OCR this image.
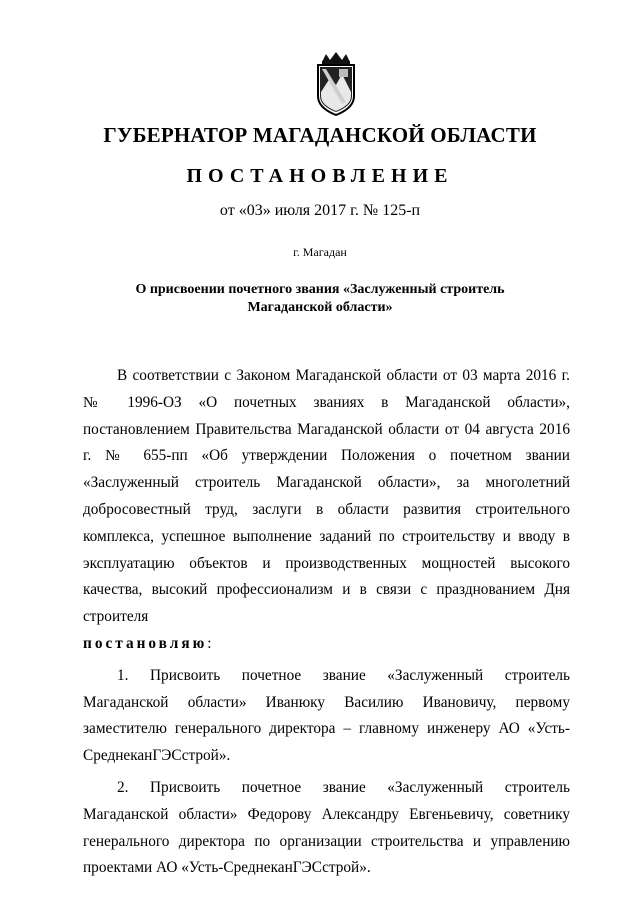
ГУБЕРНАТОР МАГАДАНСКОЙ ОБЛАСТИ
ПОСТАНОВЛЕНИЕ
от «03» июля 2017 г. № 125-п
г. Магадан
О присвоении почетного звания «Заслуженный строитель
Магаданской области»

В соответствии с Законом Магаданской области от 03 марта 2016 г. № 1996-ОЗ «О почетных званиях в Магаданской области», постановлением Правительства Магаданской области от 04 августа 2016 г. № 655-пп «Об утверждении Положения о почетном звании «Заслуженный строитель Магаданской области», за многолетний добросовестный труд, заслуги в области развития строительного комплекса, успешное выполнение заданий по строительству и вводу в эксплуатацию объектов и производственных мощностей высокого качества, высокий профессионализм и в связи с празднованием Дня строителя

постановляю:

1. Присвоить почетное звание «Заслуженный строитель Магаданской области» Иванюку Василию Ивановичу, первому заместителю генерального директора – главному инженеру АО «Усть-СреднеканГЭСстрой».

2. Присвоить почетное звание «Заслуженный строитель Магаданской области» Федорову Александру Евгеньевичу, советнику генерального директора по организации строительства и управлению проектами АО «Усть-СреднеканГЭСстрой».
